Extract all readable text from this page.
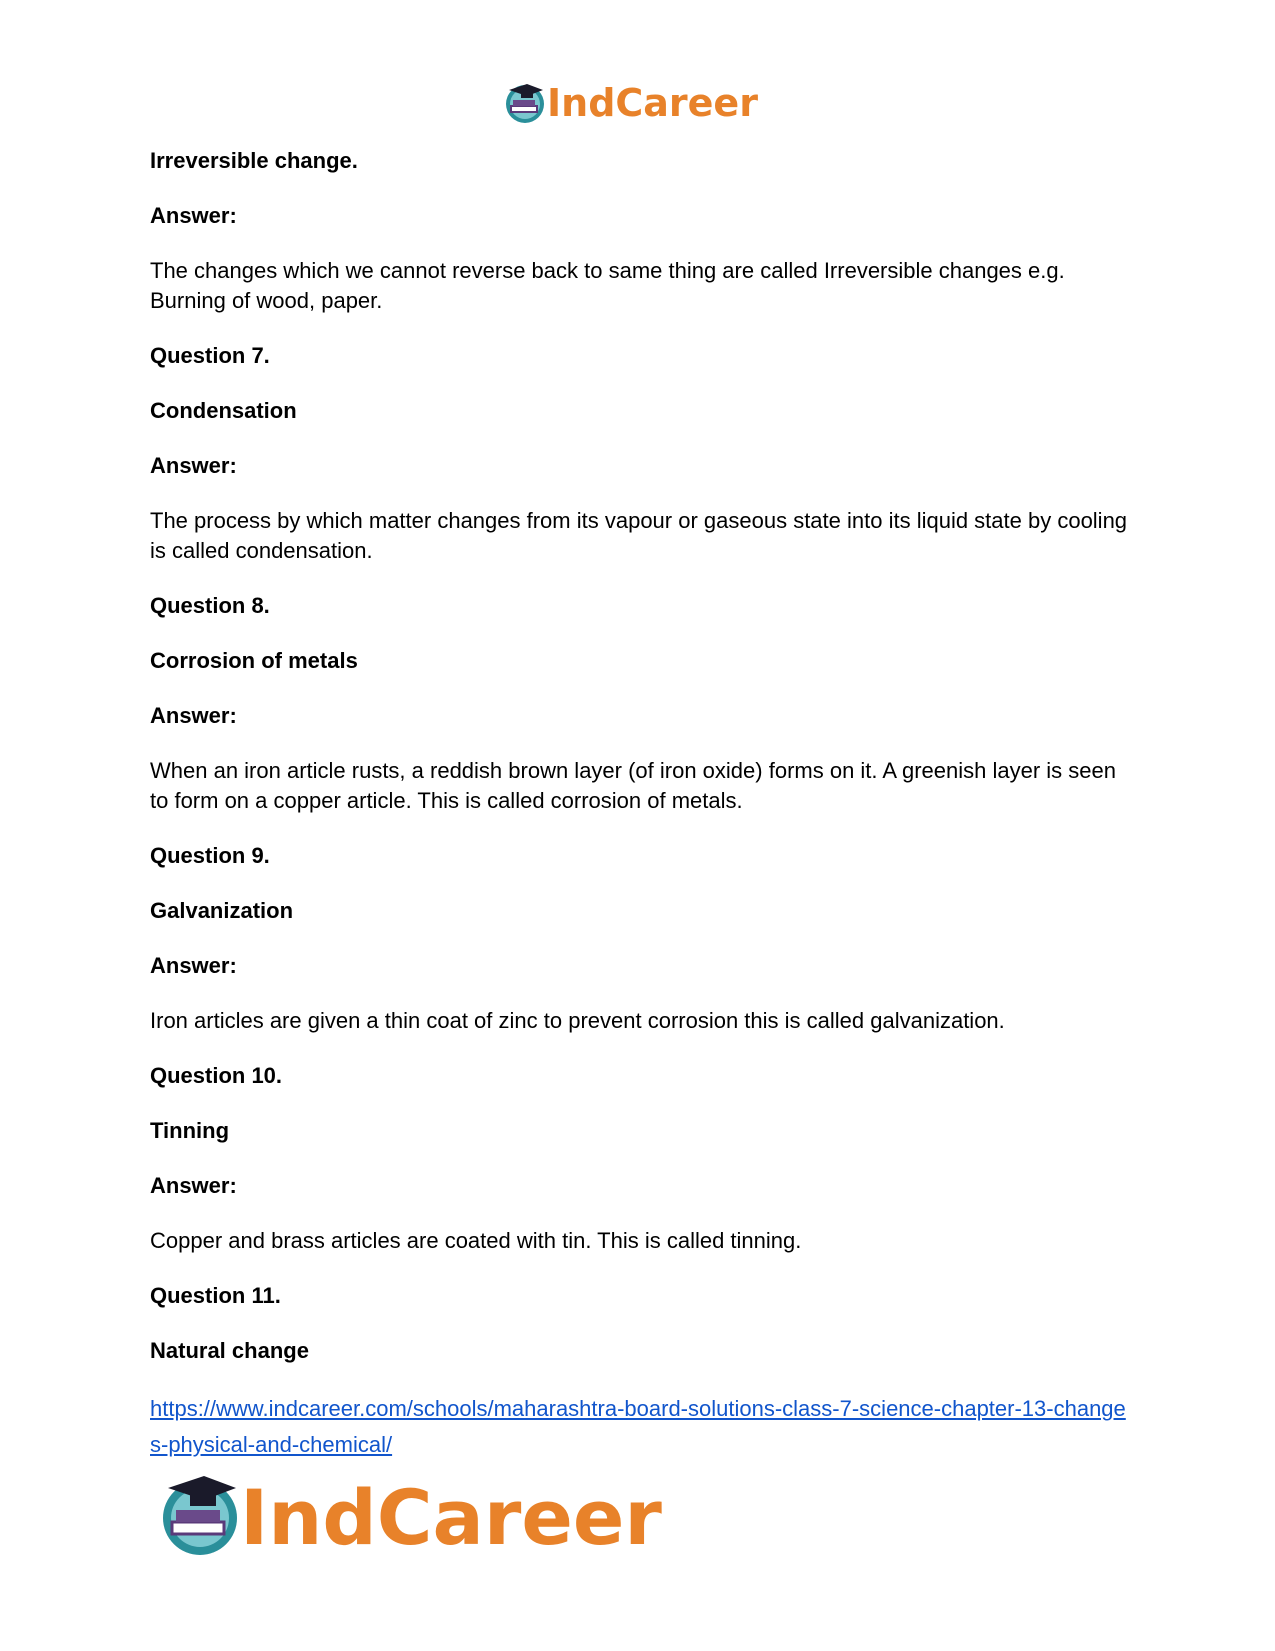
IndCareer

Irreversible change.

Answer:

The changes which we cannot reverse back to same thing are called Irreversible changes e.g. Burning of wood, paper.

Question 7.

Condensation

Answer:

The process by which matter changes from its vapour or gaseous state into its liquid state by cooling is called condensation.

Question 8.

Corrosion of metals

Answer:

When an iron article rusts, a reddish brown layer (of iron oxide) forms on it. A greenish layer is seen to form on a copper article. This is called corrosion of metals.

Question 9.

Galvanization

Answer:

Iron articles are given a thin coat of zinc to prevent corrosion this is called galvanization.

Question 10.

Tinning

Answer:

Copper and brass articles are coated with tin. This is called tinning.

Question 11.

Natural change

https://www.indcareer.com/schools/maharashtra-board-solutions-class-7-science-chapter-13-changes-physical-and-chemical/

IndCareer
